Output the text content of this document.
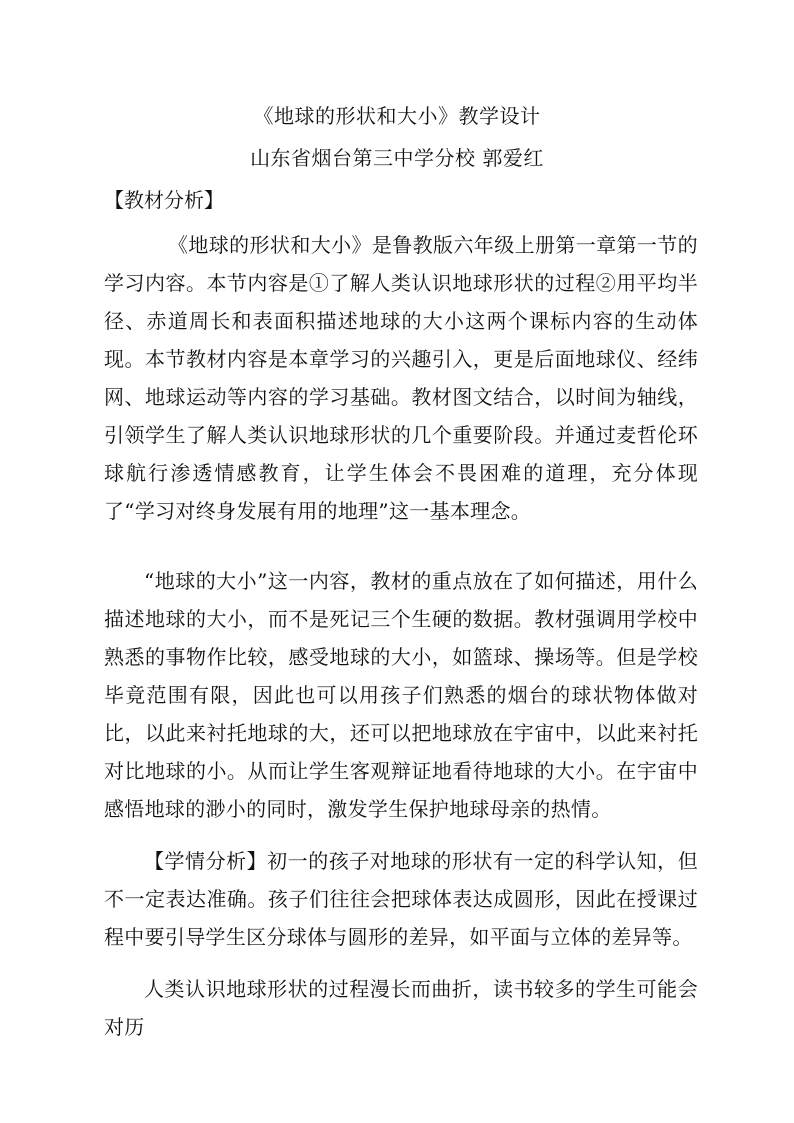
《地球的形状和大小》教学设计
山东省烟台第三中学分校 郭爱红
【教材分析】

《地球的形状和大小》是鲁教版六年级上册第一章第一节的学习内容。本节内容是①了解人类认识地球形状的过程②用平均半径、赤道周长和表面积描述地球的大小这两个课标内容的生动体现。本节教材内容是本章学习的兴趣引入，更是后面地球仪、经纬网、地球运动等内容的学习基础。教材图文结合，以时间为轴线，引领学生了解人类认识地球形状的几个重要阶段。并通过麦哲伦环球航行渗透情感教育，让学生体会不畏困难的道理，充分体现了“学习对终身发展有用的地理”这一基本理念。

“地球的大小”这一内容，教材的重点放在了如何描述，用什么描述地球的大小，而不是死记三个生硬的数据。教材强调用学校中熟悉的事物作比较，感受地球的大小，如篮球、操场等。但是学校毕竟范围有限，因此也可以用孩子们熟悉的烟台的球状物体做对比，以此来衬托地球的大，还可以把地球放在宇宙中，以此来衬托对比地球的小。从而让学生客观辩证地看待地球的大小。在宇宙中感悟地球的渺小的同时，激发学生保护地球母亲的热情。

【学情分析】初一的孩子对地球的形状有一定的科学认知，但不一定表达准确。孩子们往往会把球体表达成圆形，因此在授课过程中要引导学生区分球体与圆形的差异，如平面与立体的差异等。

人类认识地球形状的过程漫长而曲折，读书较多的学生可能会对历
